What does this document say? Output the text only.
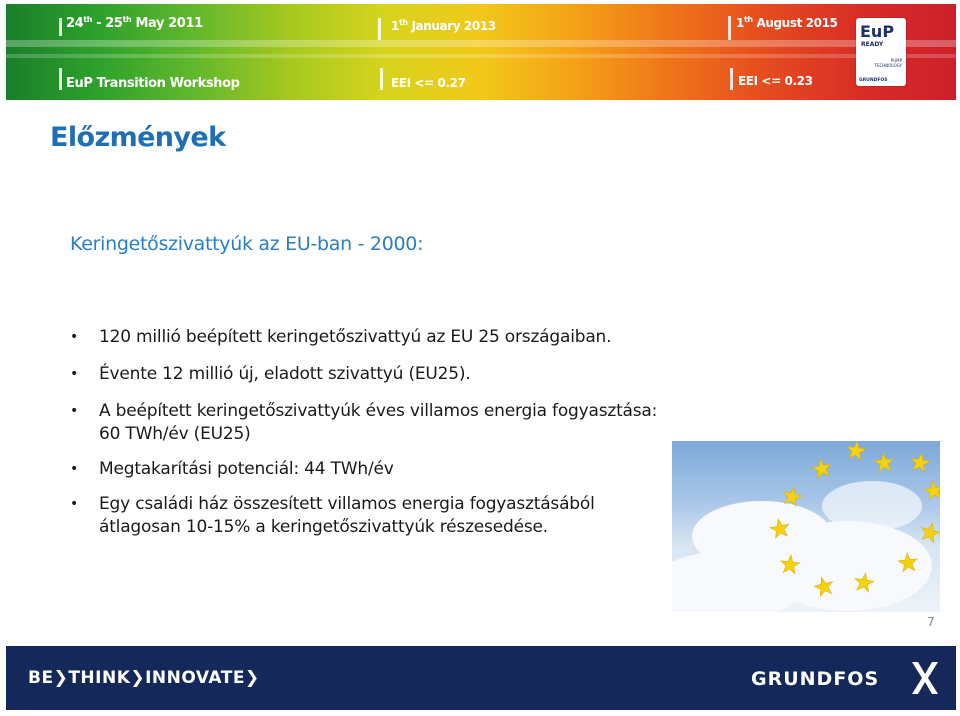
24th - 25th May 2011	1th January 2013	1th August 2015
EuP Transition Workshop	EEI <= 0.27	EEI <= 0.23
EuP
READY
PUMP
TECHNOLOGY
GRUNDFOS
Előzmények
Keringetőszivattyúk az EU-ban - 2000:
• 120 millió beépített keringetőszivattyú az EU 25 országaiban.
• Évente 12 millió új, eladott szivattyú (EU25).
• A beépített keringetőszivattyúk éves villamos energia fogyasztása: 60 TWh/év (EU25)
• Megtakarítási potenciál: 44 TWh/év
• Egy családi ház összesített villamos energia fogyasztásából átlagosan 10-15% a keringetőszivattyúk részesedése.
7
BE❯THINK❯INNOVATE❯	GRUNDFOS
